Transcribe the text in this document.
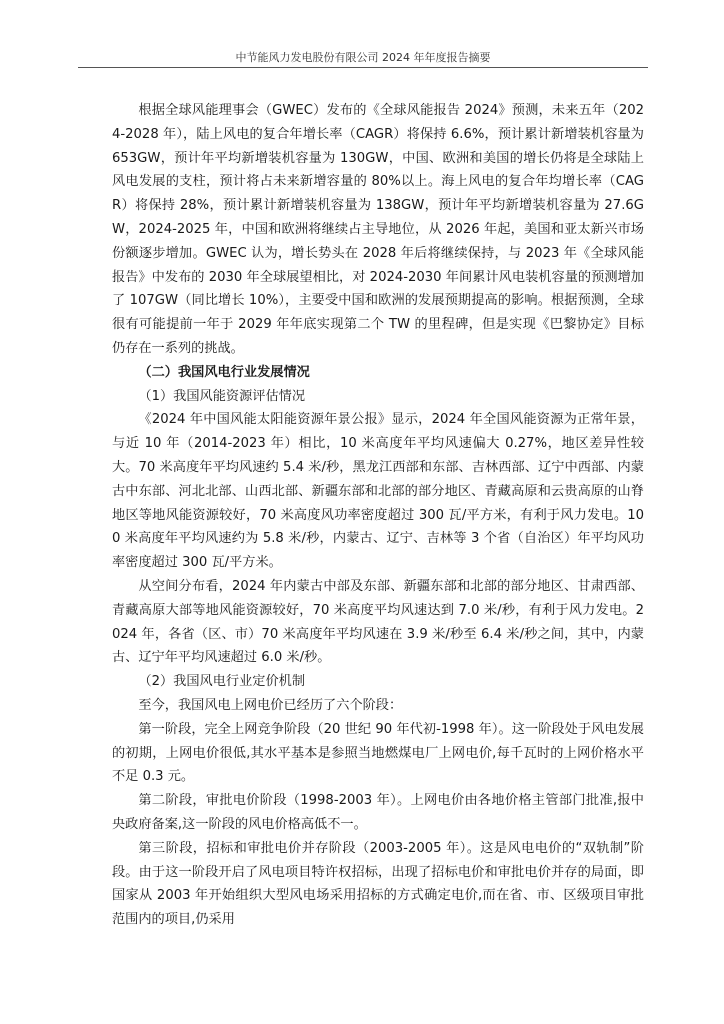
中节能风力发电股份有限公司 2024 年年度报告摘要

根据全球风能理事会（GWEC）发布的《全球风能报告 2024》预测，未来五年（2024-2028 年），陆上风电的复合年增长率（CAGR）将保持 6.6%，预计累计新增装机容量为 653GW，预计年平均新增装机容量为 130GW，中国、欧洲和美国的增长仍将是全球陆上风电发展的支柱，预计将占未来新增容量的 80%以上。海上风电的复合年均增长率（CAGR）将保持 28%，预计累计新增装机容量为 138GW，预计年平均新增装机容量为 27.6GW，2024-2025 年，中国和欧洲将继续占主导地位，从 2026 年起，美国和亚太新兴市场份额逐步增加。GWEC 认为，增长势头在 2028 年后将继续保持，与 2023 年《全球风能报告》中发布的 2030 年全球展望相比，对 2024-2030 年间累计风电装机容量的预测增加了 107GW（同比增长 10%），主要受中国和欧洲的发展预期提高的影响。根据预测，全球很有可能提前一年于 2029 年年底实现第二个 TW 的里程碑，但是实现《巴黎协定》目标仍存在一系列的挑战。

（二）我国风电行业发展情况

（1）我国风能资源评估情况

《2024 年中国风能太阳能资源年景公报》显示，2024 年全国风能资源为正常年景，与近 10 年（2014-2023 年）相比，10 米高度年平均风速偏大 0.27%，地区差异性较大。70 米高度年平均风速约 5.4 米/秒，黑龙江西部和东部、吉林西部、辽宁中西部、内蒙古中东部、河北北部、山西北部、新疆东部和北部的部分地区、青藏高原和云贵高原的山脊地区等地风能资源较好，70 米高度风功率密度超过 300 瓦/平方米，有利于风力发电。100 米高度年平均风速约为 5.8 米/秒，内蒙古、辽宁、吉林等 3 个省（自治区）年平均风功率密度超过 300 瓦/平方米。

从空间分布看，2024 年内蒙古中部及东部、新疆东部和北部的部分地区、甘肃西部、青藏高原大部等地风能资源较好，70 米高度平均风速达到 7.0 米/秒，有利于风力发电。2024 年，各省（区、市）70 米高度年平均风速在 3.9 米/秒至 6.4 米/秒之间，其中，内蒙古、辽宁年平均风速超过 6.0 米/秒。

（2）我国风电行业定价机制

至今，我国风电上网电价已经历了六个阶段：

第一阶段，完全上网竞争阶段（20 世纪 90 年代初-1998 年）。这一阶段处于风电发展的初期，上网电价很低,其水平基本是参照当地燃煤电厂上网电价,每千瓦时的上网价格水平不足 0.3 元。

第二阶段，审批电价阶段（1998-2003 年）。上网电价由各地价格主管部门批准,报中央政府备案,这一阶段的风电价格高低不一。

第三阶段，招标和审批电价并存阶段（2003-2005 年）。这是风电电价的“双轨制”阶段。由于这一阶段开启了风电项目特许权招标，出现了招标电价和审批电价并存的局面，即国家从 2003 年开始组织大型风电场采用招标的方式确定电价,而在省、市、区级项目审批范围内的项目,仍采用
